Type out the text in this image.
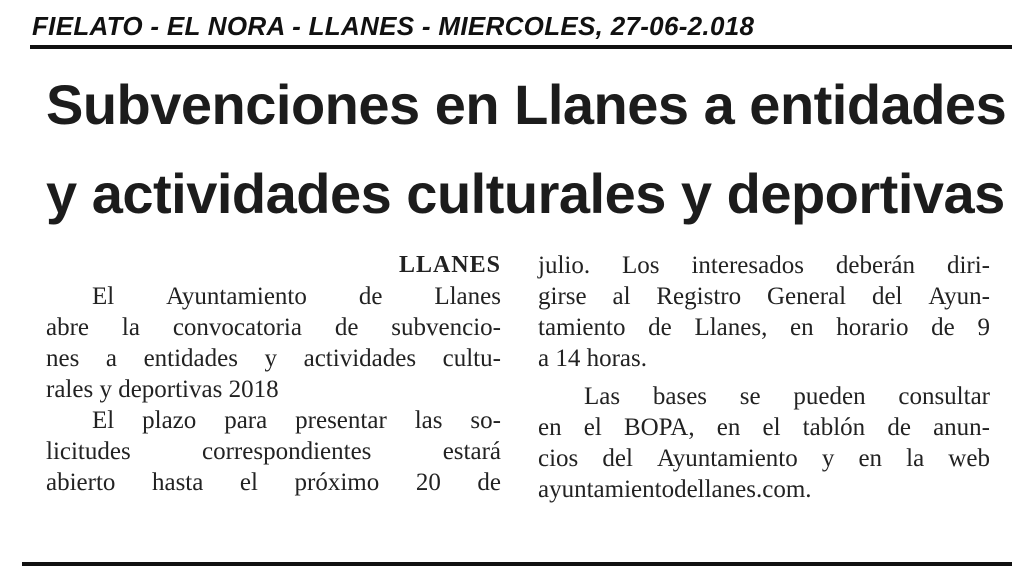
FIELATO - EL NORA - LLANES - MIERCOLES, 27-06-2.018
Subvenciones en Llanes a entidades
y actividades culturales y deportivas
LLANES
El Ayuntamiento de Llanes
abre la convocatoria de subvencio-
nes a entidades y actividades cultu-
rales y deportivas 2018
El plazo para presentar las so-
licitudes	correspondientes	estará
abierto hasta el próximo 20 de
julio. Los interesados deberán diri-
girse al Registro General del Ayun-
tamiento de Llanes, en horario de 9
a 14 horas.
Las bases se pueden consultar
en el BOPA, en el tablón de anun-
cios del Ayuntamiento y en la web
ayuntamientodellanes.com.
